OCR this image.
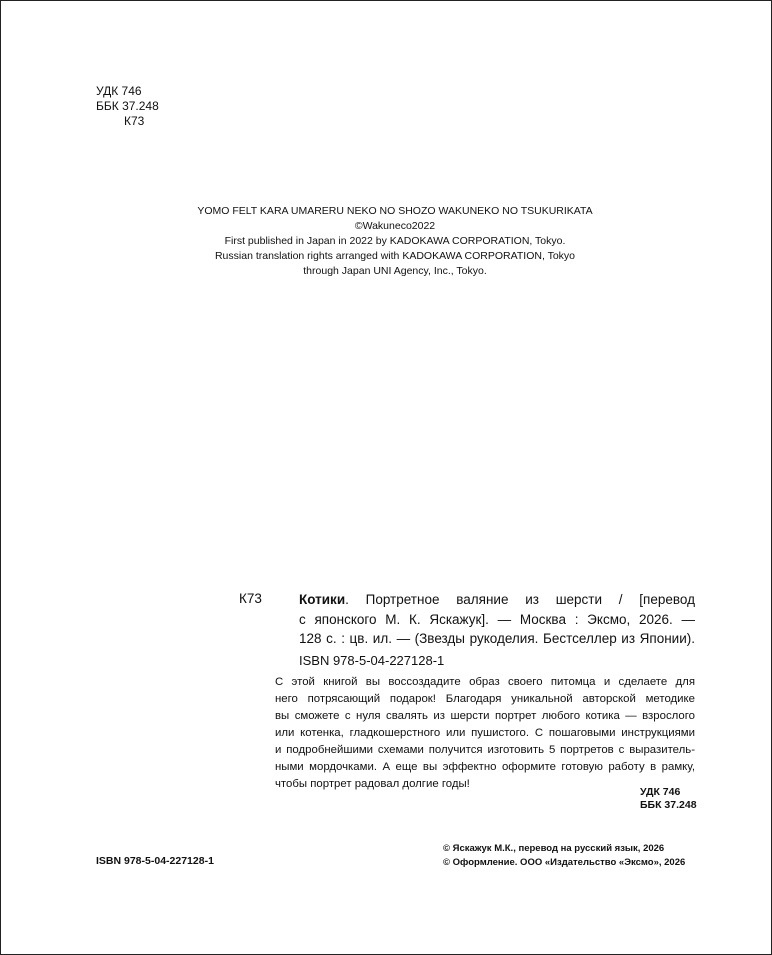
УДК 746
ББК 37.248
К73
YOMO FELT KARA UMARERU NEKO NO SHOZO WAKUNEKO NO TSUKURIKATA
©Wakuneco2022
First published in Japan in 2022 by KADOKAWA CORPORATION, Tokyo.
Russian translation rights arranged with KADOKAWA CORPORATION, Tokyo
through Japan UNI Agency, Inc., Tokyo.
К73	Котики. Портретное валяние из шерсти / [перевод
с японского М. К. Яскажук]. — Москва : Эксмо, 2026. —
128 с. : цв. ил. — (Звезды рукоделия. Бестселлер из Японии).
ISBN 978-5-04-227128-1
С этой книгой вы воссоздадите образ своего питомца и сделаете для
него потрясающий подарок! Благодаря уникальной авторской методике
вы сможете с нуля свалять из шерсти портрет любого котика — взрослого
или котенка, гладкошерстного или пушистого. С пошаговыми инструкциями
и подробнейшими схемами получится изготовить 5 портретов с выразитель-
ными мордочками. А еще вы эффектно оформите готовую работу в рамку,
чтобы портрет радовал долгие годы!
УДК 746
ББК 37.248
ISBN 978-5-04-227128-1
© Яскажук М.К., перевод на русский язык, 2026
© Оформление. ООО «Издательство «Эксмо», 2026
